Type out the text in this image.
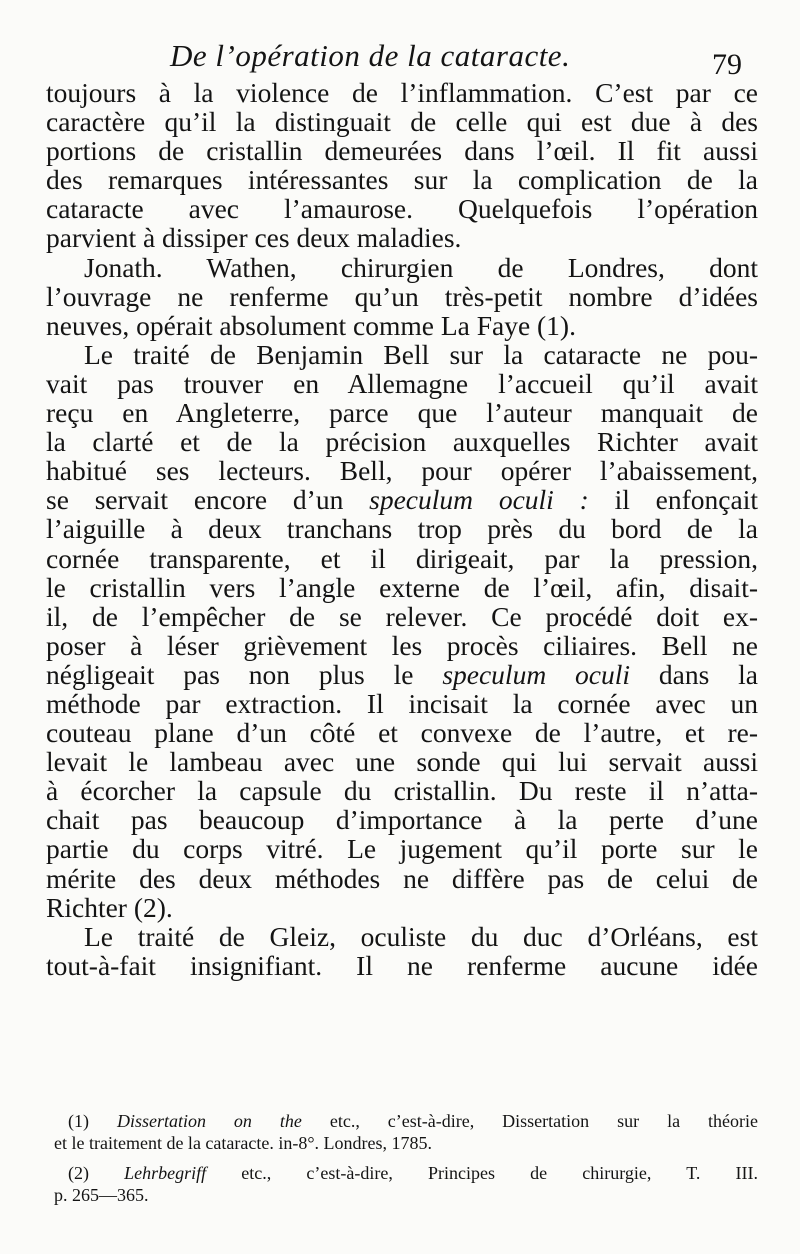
De l’opération de la cataracte.	79
toujours à la violence de l’inflammation. C’est par ce
caractère qu’il la distinguait de celle qui est due à des
portions de cristallin demeurées dans l’œil. Il fit aussi
des remarques intéressantes sur la complication de la
cataracte avec l’amaurose. Quelquefois l’opération
parvient à dissiper ces deux maladies.
Jonath. Wathen, chirurgien de Londres, dont
l’ouvrage ne renferme qu’un très-petit nombre d’idées
neuves, opérait absolument comme La Faye (1).
Le traité de Benjamin Bell sur la cataracte ne pou-
vait pas trouver en Allemagne l’accueil qu’il avait
reçu en Angleterre, parce que l’auteur manquait de
la clarté et de la précision auxquelles Richter avait
habitué ses lecteurs. Bell, pour opérer l’abaissement,
se servait encore d’un speculum oculi : il enfonçait
l’aiguille à deux tranchans trop près du bord de la
cornée transparente, et il dirigeait, par la pression,
le cristallin vers l’angle externe de l’œil, afin, disait-
il, de l’empêcher de se relever. Ce procédé doit ex-
poser à léser grièvement les procès ciliaires. Bell ne
négligeait pas non plus le speculum oculi dans la
méthode par extraction. Il incisait la cornée avec un
couteau plane d’un côté et convexe de l’autre, et re-
levait le lambeau avec une sonde qui lui servait aussi
à écorcher la capsule du cristallin. Du reste il n’atta-
chait pas beaucoup d’importance à la perte d’une
partie du corps vitré. Le jugement qu’il porte sur le
mérite des deux méthodes ne diffère pas de celui de
Richter (2).
Le traité de Gleiz, oculiste du duc d’Orléans, est
tout-à-fait insignifiant. Il ne renferme aucune idée
(1) Dissertation on the etc., c’est-à-dire, Dissertation sur la théorie
et le traitement de la cataracte. in-8°. Londres, 1785.
(2) Lehrbegriff etc., c’est-à-dire, Principes de chirurgie, T. III.
p. 265—365.
